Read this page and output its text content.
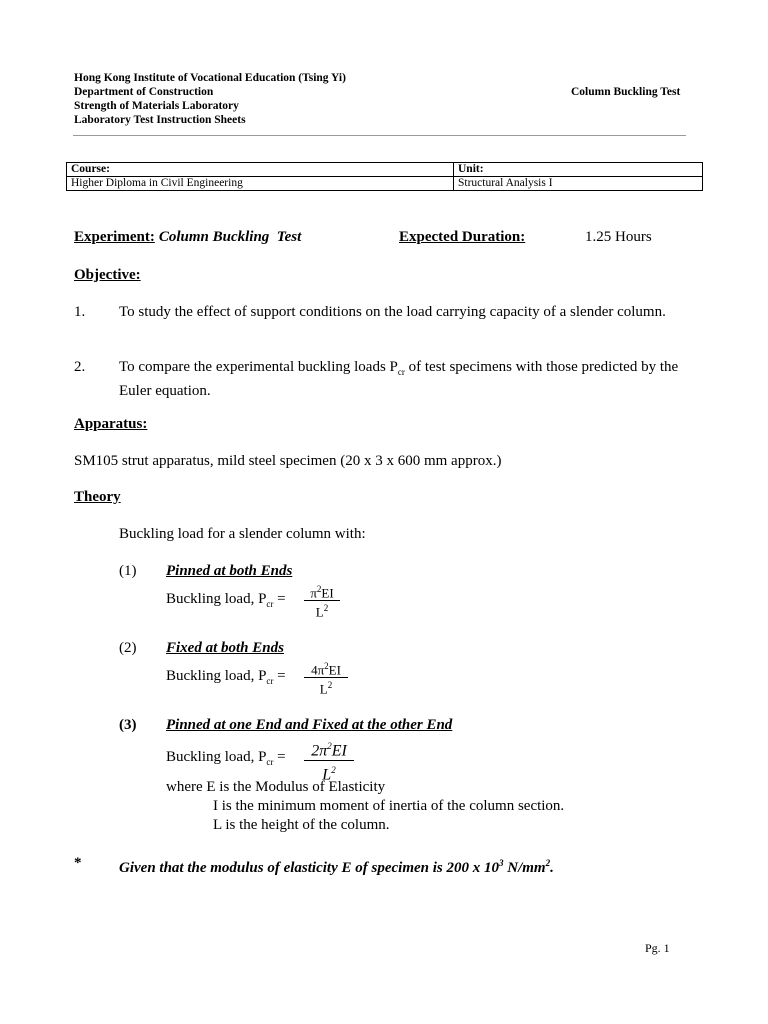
Hong Kong Institute of Vocational Education (Tsing Yi)
Department of Construction
Strength of Materials Laboratory
Laboratory Test Instruction Sheets
Column Buckling Test
Course:	Unit:
Higher Diploma in Civil Engineering	Structural Analysis I
Experiment: Column Buckling  Test	Expected Duration:	1.25 Hours
Objective:
1. To study the effect of support conditions on the load carrying capacity of a slender column.
2. To compare the experimental buckling loads $P_{cr}$ of test specimens with those predicted by the Euler equation.
Apparatus:
SM105 strut apparatus, mild steel specimen (20 x 3 x 600 mm approx.)
Theory
Buckling load for a slender column with:
(1) Pinned at both Ends
Buckling load, $P_{cr}$ =	$\pi^2EI$
$L^2$
(2) Fixed at both Ends
Buckling load, $P_{cr}$ =	$4\pi^2EI$
$L^2$
(3) Pinned at one End and Fixed at the other End
Buckling load, $P_{cr}$ =	$2\pi^2EI$
$L^2$
where E is the Modulus of Elasticity
I is the minimum moment of inertia of the column section.
L is the height of the column.
*	Given that the modulus of elasticity E of specimen is 200 x $10^3$ $N/mm^2$.
Pg. 1
